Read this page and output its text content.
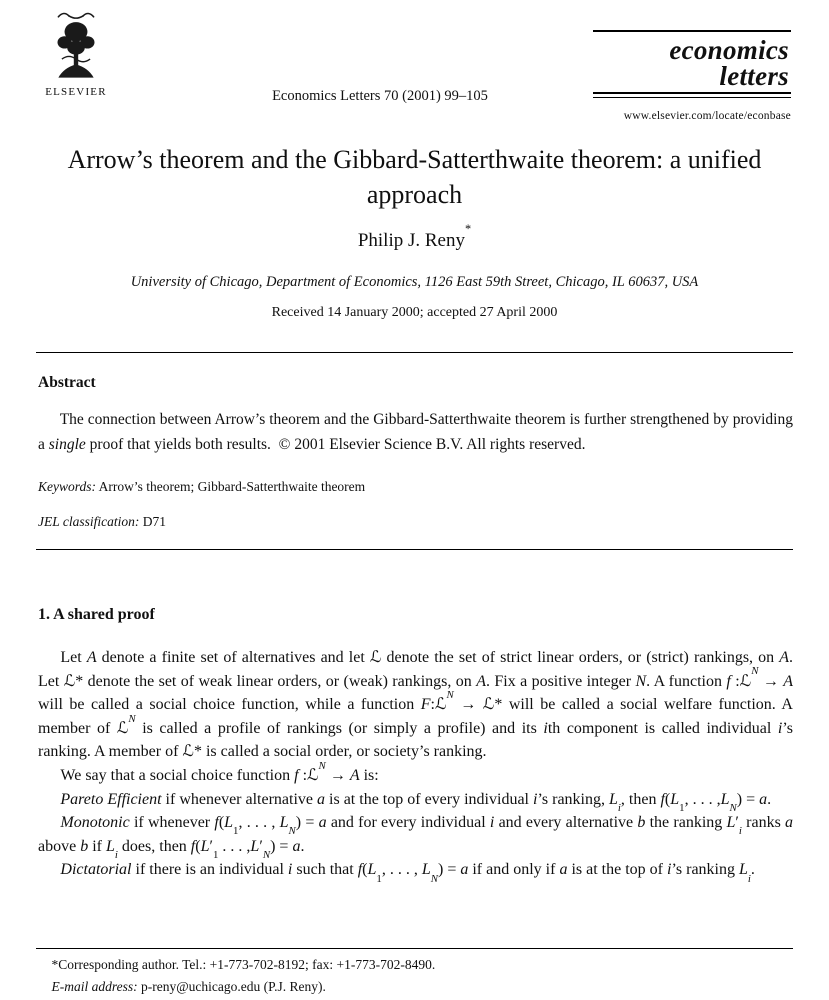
ELSEVIER	Economics Letters 70 (2001) 99–105
economics
letters
www.elsevier.com/locate/econbase
Arrow’s theorem and the Gibbard-Satterthwaite theorem: a unified approach
Philip J. Reny*
University of Chicago, Department of Economics, 1126 East 59th Street, Chicago, IL 60637, USA
Received 14 January 2000; accepted 27 April 2000
Abstract

The connection between Arrow’s theorem and the Gibbard-Satterthwaite theorem is further strengthened by providing a single proof that yields both results.  © 2001 Elsevier Science B.V. All rights reserved.

Keywords: Arrow’s theorem; Gibbard-Satterthwaite theorem
JEL classification: D71
1. A shared proof

Let A denote a finite set of alternatives and let ℒ denote the set of strict linear orders, or (strict) rankings, on A. Let ℒ* denote the set of weak linear orders, or (weak) rankings, on A. Fix a positive integer N. A function f :ℒ$^N$ → A will be called a social choice function, while a function F:ℒ$^N$ → ℒ* will be called a social welfare function. A member of ℒ$^N$ is called a profile of rankings (or simply a profile) and its ith component is called individual i’s ranking. A member of ℒ* is called a social order, or society’s ranking.

We say that a social choice function f :ℒ$^N$ → A is:

Pareto Efficient if whenever alternative a is at the top of every individual i’s ranking, $L_i$, then $f(L_1$, . . . $,L_N) = a$.

Monotonic if whenever $f(L_1$, . . . , $L_N) = a$ and for every individual i and every alternative b the ranking $L'_i$ ranks a above b if $L_i$ does, then $f(L'_1$ . . . $,L'_N) = a$.

Dictatorial if there is an individual i such that $f(L_1$, . . . , $L_N) = a$ if and only if a is at the top of i’s ranking $L_i$.

*Corresponding author. Tel.: +1-773-702-8192; fax: +1-773-702-8490.
E-mail address: p-reny@uchicago.edu (P.J. Reny).
